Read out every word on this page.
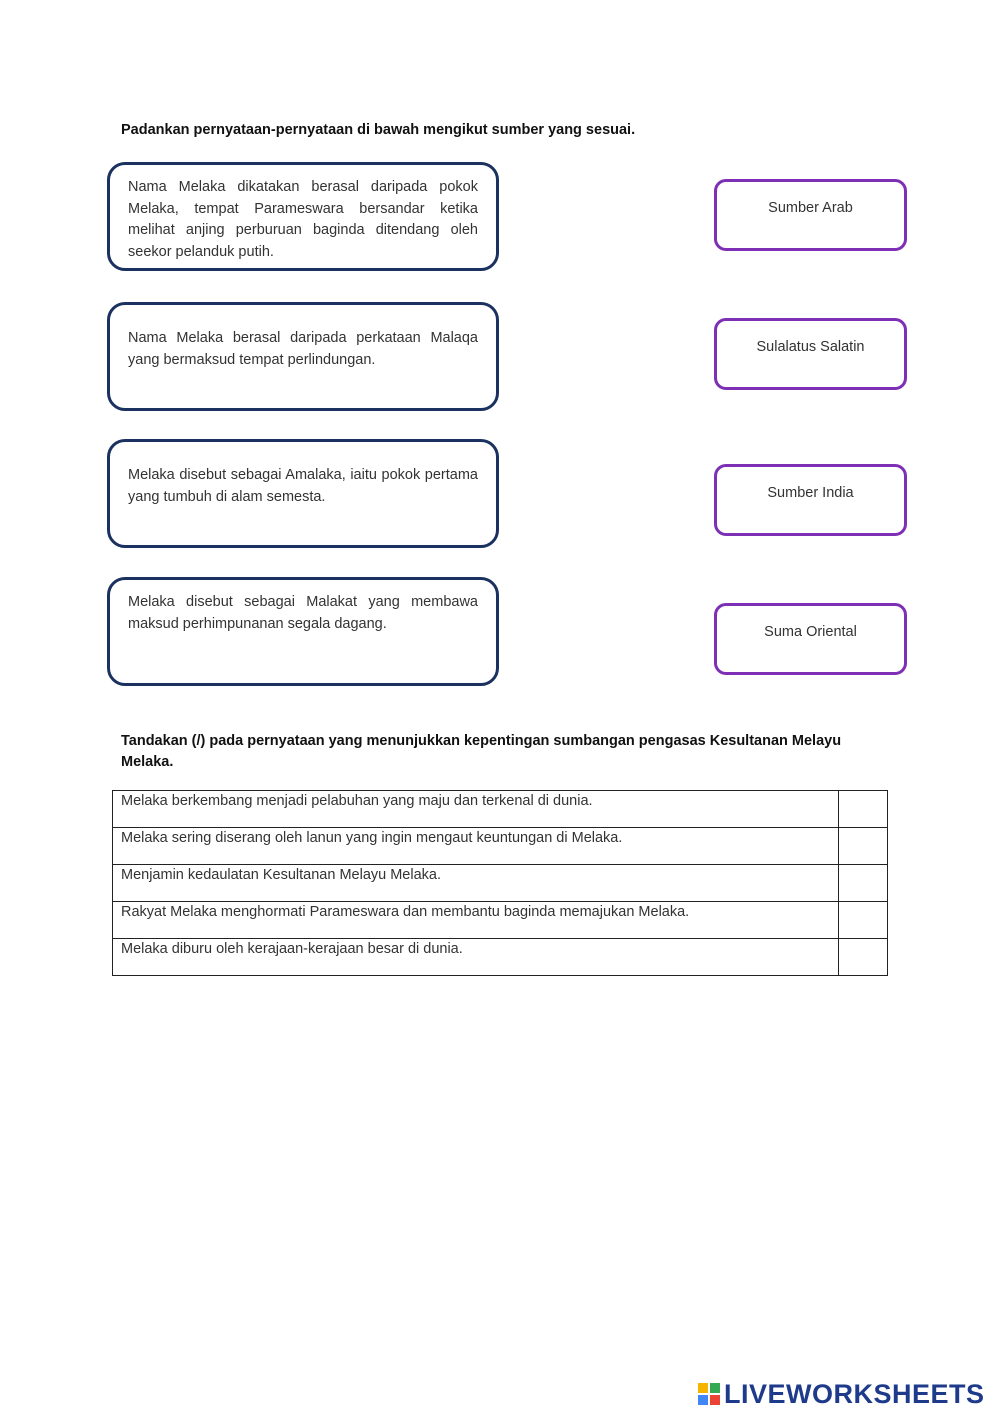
Padankan pernyataan-pernyataan di bawah mengikut sumber yang sesuai.
Nama Melaka dikatakan berasal daripada pokok Melaka, tempat Parameswara bersandar ketika melihat anjing perburuan baginda ditendang oleh seekor pelanduk putih.
Nama Melaka berasal daripada perkataan Malaqa yang bermaksud tempat perlindungan.
Melaka disebut sebagai Amalaka, iaitu pokok pertama yang tumbuh di alam semesta.
Melaka disebut sebagai Malakat yang membawa maksud perhimpunanan segala dagang.
Sumber Arab
Sulalatus Salatin
Sumber India
Suma Oriental
Tandakan (/) pada pernyataan yang menunjukkan kepentingan sumbangan pengasas Kesultanan Melayu Melaka.
Melaka berkembang menjadi pelabuhan yang maju dan terkenal di dunia.	
Melaka sering diserang oleh lanun yang ingin mengaut keuntungan di Melaka.	
Menjamin kedaulatan Kesultanan Melayu Melaka.	
Rakyat Melaka menghormati Parameswara dan membantu baginda memajukan Melaka.	
Melaka diburu oleh kerajaan-kerajaan besar di dunia.	
LIVEWORKSHEETS
